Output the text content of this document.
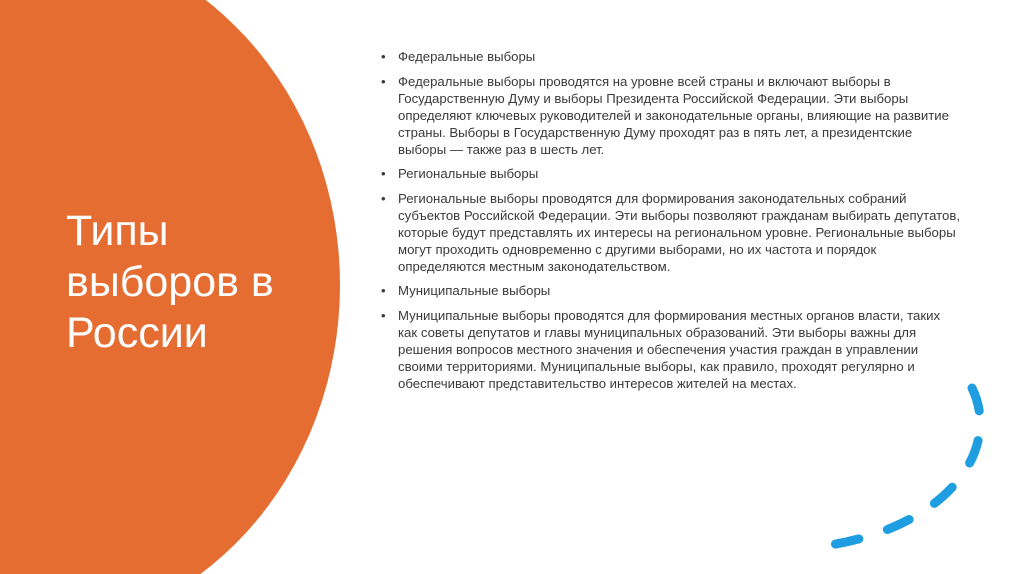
Типы выборов в России
• Федеральные выборы
• Федеральные выборы проводятся на уровне всей страны и включают выборы в Государственную Думу и выборы Президента Российской Федерации. Эти выборы определяют ключевых руководителей и законодательные органы, влияющие на развитие страны. Выборы в Государственную Думу проходят раз в пять лет, а президентские выборы — также раз в шесть лет.
• Региональные выборы
• Региональные выборы проводятся для формирования законодательных собраний субъектов Российской Федерации. Эти выборы позволяют гражданам выбирать депутатов, которые будут представлять их интересы на региональном уровне. Региональные выборы могут проходить одновременно с другими выборами, но их частота и порядок определяются местным законодательством.
• Муниципальные выборы
• Муниципальные выборы проводятся для формирования местных органов власти, таких как советы депутатов и главы муниципальных образований. Эти выборы важны для решения вопросов местного значения и обеспечения участия граждан в управлении своими территориями. Муниципальные выборы, как правило, проходят регулярно и обеспечивают представительство интересов жителей на местах.
